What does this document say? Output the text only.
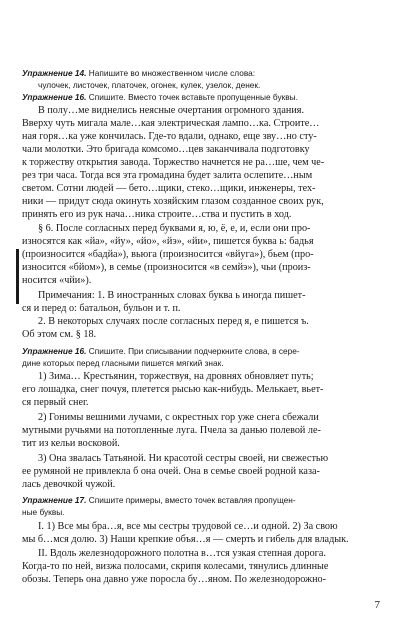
Упражнение 14. Напишите во множественном числе слова:
чулочек, листочек, платочек, огонек, кулек, узелок, денек.
Упражнение 16. Спишите. Вместо точек вставьте пропущенные буквы.
В полу…ме виднелись неясные очертания огромного здания.
Вверху чуть мигала мале…кая электрическая лампо…ка. Строите…
ная горя…ка уже кончилась. Где-то вдали, однако, еще зву…но сту-
чали молотки. Это бригада комсомо…цев заканчивала подготовку
к торжеству открытия завода. Торжество начнется не ра…ше, чем че-
рез три часа. Тогда вся эта громадина будет залита ослепите…ным
светом. Сотни людей — бето…щики, стеко…щики, инженеры, тех-
ники — придут сюда окинуть хозяйским глазом созданное своих рук,
принять его из рук нача…ника строите…ства и пустить в ход.
§ 6. После согласных перед буквами я, ю, ё, е, и, если они про-
износятся как «йа», «йу», «йо», «йэ», «йи», пишется буква ь: бадья
(произносится «бадйа»), вьюга (произносится «вйуга»), бьем (про-
износится «бйом»), в семье (произносится «в семйэ»), чьи (произ-
носится «чйи»).
Примечания: 1. В иностранных словах буква ь иногда пишет-
ся и перед о: батальон, бульон и т. п.
2. В некоторых случаях после согласных перед я, е пишется ъ.
Об этом см. § 18.
Упражнение 16. Спишите. При списывании подчеркните слова, в сере-
дине которых перед гласными пишется мягкий знак.
1) Зима… Крестьянин, торжествуя, на дровнях обновляет путь;
его лошадка, снег почуя, плетется рысью как-нибудь. Мелькает, вьет-
ся первый снег.
2) Гонимы вешними лучами, с окрестных гор уже снега сбежали
мутными ручьями на потопленные луга. Пчела за данью полевой ле-
тит из кельи восковой.
3) Она звалась Татьяной. Ни красотой сестры своей, ни свежестью
ее румяной не привлекла б она очей. Она в семье своей родной каза-
лась девочкой чужой.
Упражнение 17. Спишите примеры, вместо точек вставляя пропущен-
ные буквы.
I. 1) Все мы бра…я, все мы сестры трудовой се…и одной. 2) За свою
мы б…мся долю. 3) Наши крепкие объя…я — смерть и гибель для владык.
II. Вдоль железнодорожного полотна в…тся узкая степная дорога.
Когда-то по ней, визжа полосами, скрипя колесами, тянулись длинные
обозы. Теперь она давно уже поросла бу…яном. По железнодорожно-
7
